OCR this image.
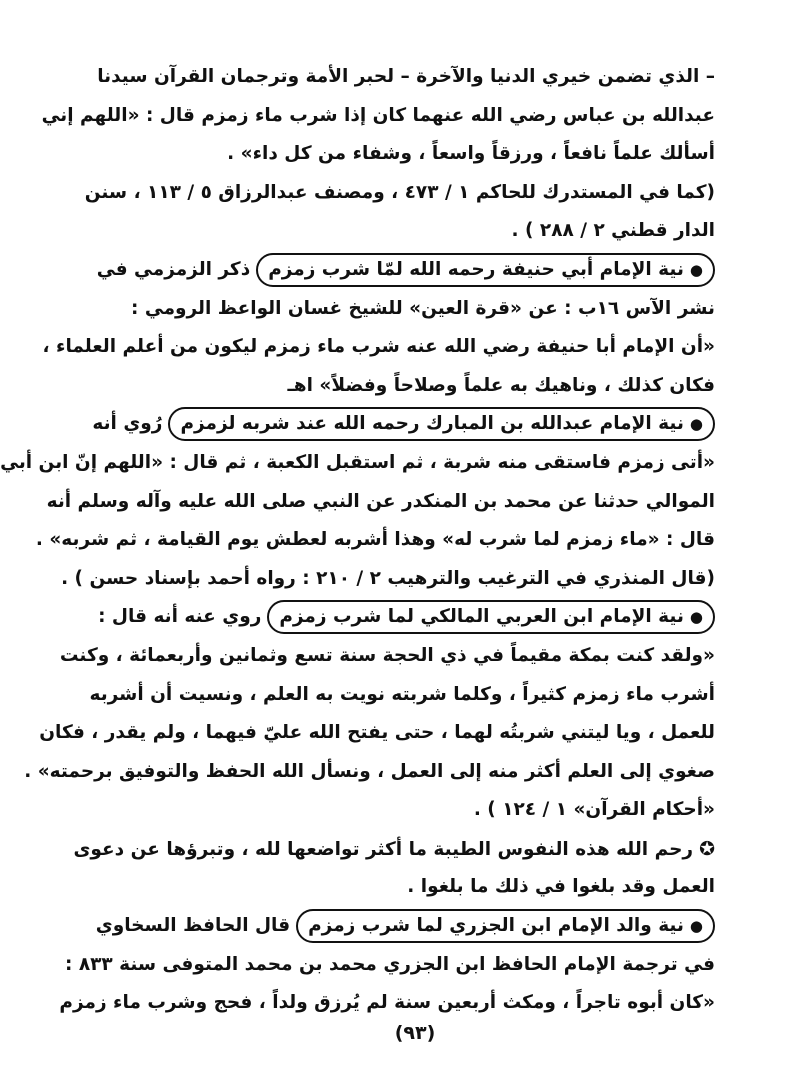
– الذي تضمن خيري الدنيا والآخرة – لحبر الأمة وترجمان القرآن سيدنا
عبدالله بن عباس رضي الله عنهما كان إذا شرب ماء زمزم قال : «اللهم إني
أسألك علماً نافعاً ، ورزقاً واسعاً ، وشفاء من كل داء» .
(كما في المستدرك للحاكم ١ / ٤٧٣ ، ومصنف عبدالرزاق ٥ / ١١٣ ، سنن
الدار قطني ٢ / ٢٨٨ ) .
●نية الإمام أبي حنيفة رحمه الله لمّا شرب زمزمذكر الزمزمي في
نشر الآس ١٦ب : عن «قرة العين» للشيخ غسان الواعظ الرومي :
«أن الإمام أبا حنيفة رضي الله عنه شرب ماء زمزم ليكون من أعلم العلماء ،
فكان كذلك ، وناهيك به علماً وصلاحاً وفضلاً» اهـ
●نية الإمام عبدالله بن المبارك رحمه الله عند شربه لزمزمرُوي أنه
«أتى زمزم فاستقى منه شربة ، ثم استقبل الكعبة ، ثم قال : «اللهم إنّ ابن أبي
الموالي حدثنا عن محمد بن المنكدر عن النبي صلى الله عليه وآله وسلم أنه
قال : «ماء زمزم لما شرب له» وهذا أشربه لعطش يوم القيامة ، ثم شربه» .
(قال المنذري في الترغيب والترهيب ٢ / ٢١٠ : رواه أحمد بإسناد حسن ) .
●نية الإمام ابن العربي المالكي لما شرب زمزمروي عنه أنه قال :
«ولقد كنت بمكة مقيماً في ذي الحجة سنة تسع وثمانين وأربعمائة ، وكنت
أشرب ماء زمزم كثيراً ، وكلما شربته نويت به العلم ، ونسيت أن أشربه
للعمل ، ويا ليتني شربتُه لهما ، حتى يفتح الله عليّ فيهما ، ولم يقدر ، فكان
صغوي إلى العلم أكثر منه إلى العمل ، ونسأل الله الحفظ والتوفيق برحمته» .
«أحكام القرآن» ١ / ١٢٤ ) .
✪رحم الله هذه النفوس الطيبة ما أكثر تواضعها لله ، وتبرؤها عن دعوى
العمل وقد بلغوا في ذلك ما بلغوا .
●نية والد الإمام ابن الجزري لما شرب زمزمقال الحافظ السخاوي
في ترجمة الإمام الحافظ ابن الجزري محمد بن محمد المتوفى سنة ٨٣٣ :
«كان أبوه تاجراً ، ومكث أربعين سنة لم يُرزق ولداً ، فحج وشرب ماء زمزم
(٩٣)
